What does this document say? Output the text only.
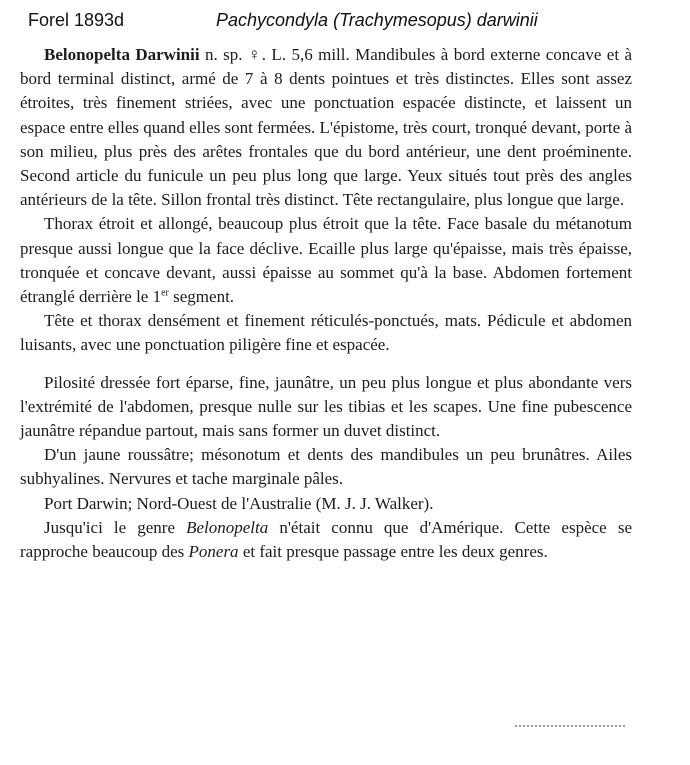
Forel 1893d	Pachycondyla (Trachymesopus) darwinii

Belonopelta Darwinii n. sp. ♀. L. 5,6 mill. Mandibules à bord externe concave et à bord terminal distinct, armé de 7 à 8 dents pointues et très distinctes. Elles sont assez étroites, très finement striées, avec une ponctuation espacée distincte, et laissent un espace entre elles quand elles sont fermées. L'épistome, très court, tronqué devant, porte à son milieu, plus près des arêtes frontales que du bord antérieur, une dent proéminente. Second article du funicule un peu plus long que large. Yeux situés tout près des angles antérieurs de la tête. Sillon frontal très distinct. Tête rectangulaire, plus longue que large.

Thorax étroit et allongé, beaucoup plus étroit que la tête. Face basale du métanotum presque aussi longue que la face déclive. Ecaille plus large qu'épaisse, mais très épaisse, tronquée et concave devant, aussi épaisse au sommet qu'à la base. Abdomen fortement étranglé derrière le 1er segment.

Tête et thorax densément et finement réticulés-ponctués, mats. Pédicule et abdomen luisants, avec une ponctuation piligère fine et espacée.

Pilosité dressée fort éparse, fine, jaunâtre, un peu plus longue et plus abondante vers l'extrémité de l'abdomen, presque nulle sur les tibias et les scapes. Une fine pubescence jaunâtre répandue partout, mais sans former un duvet distinct.

D'un jaune roussâtre; mésonotum et dents des mandibules un peu brunâtres. Ailes subhyalines. Nervures et tache marginale pâles.

Port Darwin; Nord-Ouest de l'Australie (M. J. J. Walker).

Jusqu'ici le genre Belonopelta n'était connu que d'Amérique. Cette espèce se rapproche beaucoup des Ponera et fait presque passage entre les deux genres.
